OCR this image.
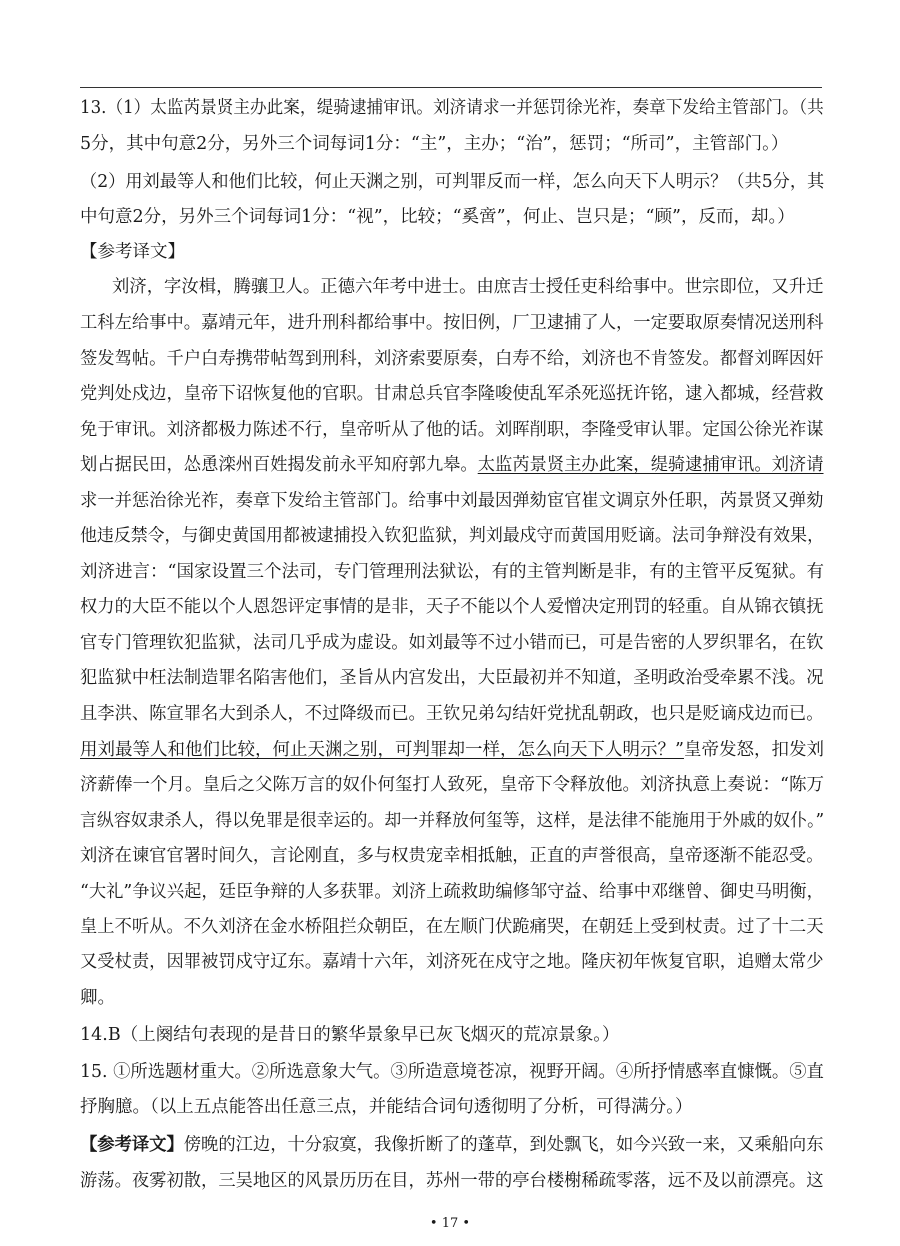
13.（1）太监芮景贤主办此案，缇骑逮捕审讯。刘济请求一并惩罚徐光祚，奏章下发给主管部门。（共
5分，其中句意2分，另外三个词每词1分：“主”，主办；“治”，惩罚；“所司”，主管部门。）
（2）用刘最等人和他们比较，何止天渊之别，可判罪反而一样，怎么向天下人明示？（共5分，其
中句意2分，另外三个词每词1分：“视”，比较；“奚啻”，何止、岂只是；“顾”，反而，却。）
【参考译文】
刘济，字汝楫，腾骧卫人。正德六年考中进士。由庶吉士授任吏科给事中。世宗即位，又升迁
工科左给事中。嘉靖元年，进升刑科都给事中。按旧例，厂卫逮捕了人，一定要取原奏情况送刑科
签发驾帖。千户白寿携带帖驾到刑科，刘济索要原奏，白寿不给，刘济也不肯签发。都督刘晖因奸
党判处戍边，皇帝下诏恢复他的官职。甘肃总兵官李隆唆使乱军杀死巡抚许铭，逮入都城，经营救
免于审讯。刘济都极力陈述不行，皇帝听从了他的话。刘晖削职，李隆受审认罪。定国公徐光祚谋
划占据民田，怂恿滦州百姓揭发前永平知府郭九皋。太监芮景贤主办此案，缇骑逮捕审讯。刘济请
求一并惩治徐光祚，奏章下发给主管部门。给事中刘最因弹劾宦官崔文调京外任职，芮景贤又弹劾
他违反禁令，与御史黄国用都被逮捕投入钦犯监狱，判刘最戍守而黄国用贬谪。法司争辩没有效果，
刘济进言：“国家设置三个法司，专门管理刑法狱讼，有的主管判断是非，有的主管平反冤狱。有
权力的大臣不能以个人恩怨评定事情的是非，天子不能以个人爱憎决定刑罚的轻重。自从锦衣镇抚
官专门管理钦犯监狱，法司几乎成为虚设。如刘最等不过小错而已，可是告密的人罗织罪名，在钦
犯监狱中枉法制造罪名陷害他们，圣旨从内宫发出，大臣最初并不知道，圣明政治受牵累不浅。况
且李洪、陈宣罪名大到杀人，不过降级而已。王钦兄弟勾结奸党扰乱朝政，也只是贬谪戍边而已。
用刘最等人和他们比较，何止天渊之别，可判罪却一样，怎么向天下人明示？”皇帝发怒，扣发刘
济薪俸一个月。皇后之父陈万言的奴仆何玺打人致死，皇帝下令释放他。刘济执意上奏说：“陈万
言纵容奴隶杀人，得以免罪是很幸运的。却一并释放何玺等，这样，是法律不能施用于外戚的奴仆。”
刘济在谏官官署时间久，言论刚直，多与权贵宠幸相抵触，正直的声誉很高，皇帝逐渐不能忍受。
“大礼”争议兴起，廷臣争辩的人多获罪。刘济上疏救助编修邹守益、给事中邓继曾、御史马明衡，
皇上不听从。不久刘济在金水桥阻拦众朝臣，在左顺门伏跪痛哭，在朝廷上受到杖责。过了十二天
又受杖责，因罪被罚戍守辽东。嘉靖十六年，刘济死在戍守之地。隆庆初年恢复官职，追赠太常少
卿。
14.B（上阕结句表现的是昔日的繁华景象早已灰飞烟灭的荒凉景象。）
15. ①所选题材重大。②所选意象大气。③所造意境苍凉，视野开阔。④所抒情感率直慷慨。⑤直
抒胸臆。（以上五点能答出任意三点，并能结合词句透彻明了分析，可得满分。）
【参考译文】傍晚的江边，十分寂寞，我像折断了的蓬草，到处飘飞，如今兴致一来，又乘船向东
游荡。夜雾初散，三吴地区的风景历历在目，苏州一带的亭台楼榭稀疏零落，远不及以前漂亮。这
• 17 •
